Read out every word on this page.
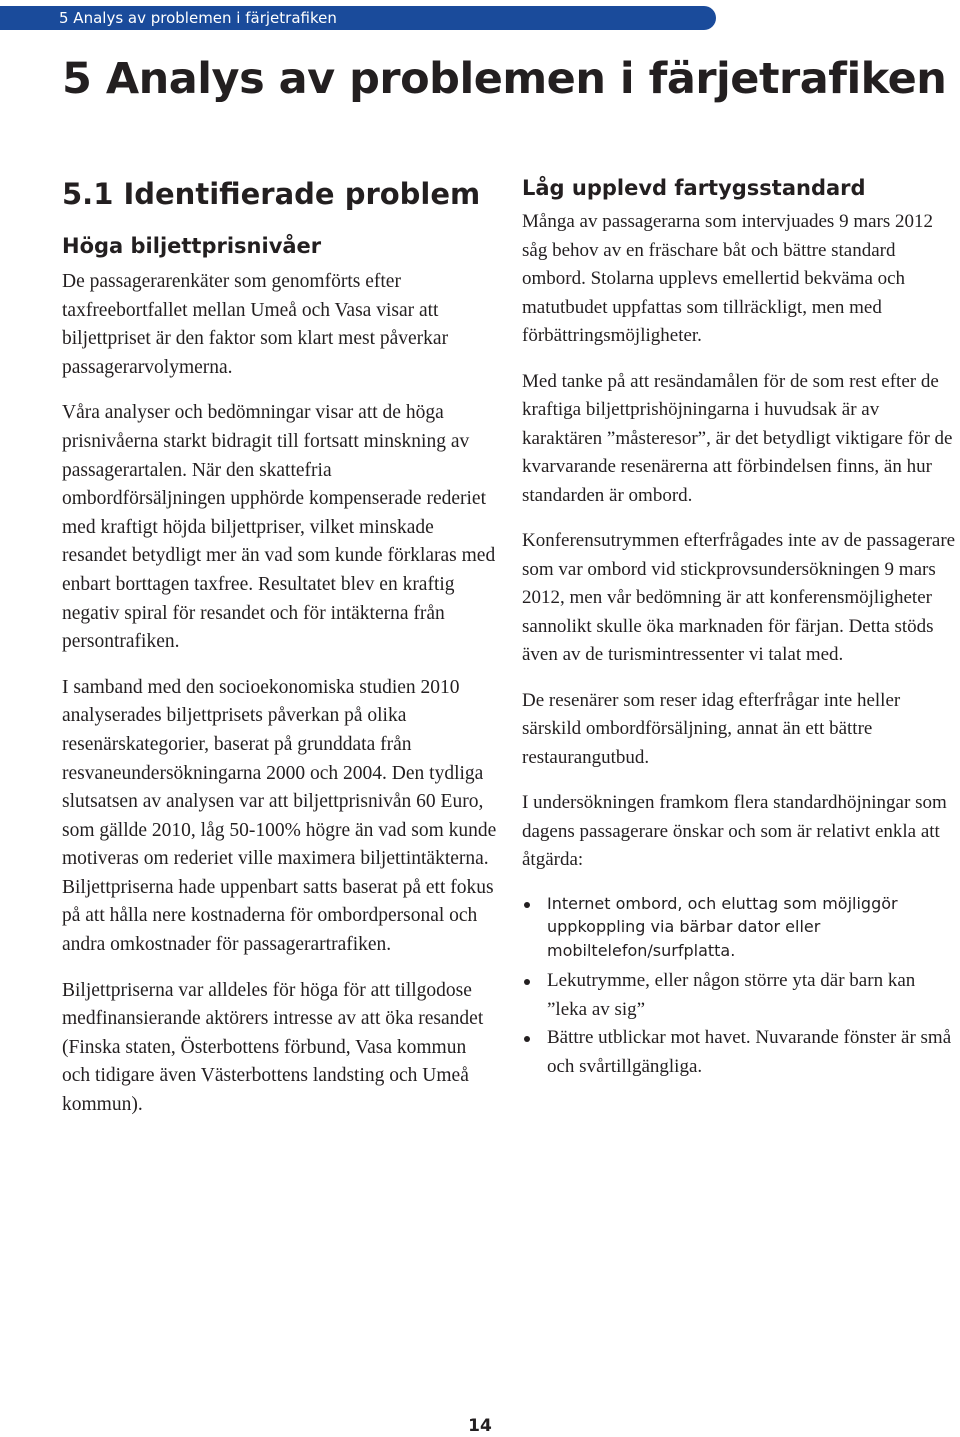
5 Analys av problemen i färjetrafiken
5 Analys av problemen i färjetrafiken
5.1 Identifierade problem
Höga biljettprisnivåer

De passagerarenkäter som genomförts efter taxfreebortfallet mellan Umeå och Vasa visar att biljettpriset är den faktor som klart mest påverkar passagerarvolymerna.

Våra analyser och bedömningar visar att de höga prisnivåerna starkt bidragit till fortsatt minskning av passagerartalen. När den skattefria ombordförsäljningen upphörde kompenserade rederiet med kraftigt höjda biljettpriser, vilket minskade resandet betydligt mer än vad som kunde förklaras med enbart borttagen taxfree. Resultatet blev en kraftig negativ spiral för resandet och för intäkterna från persontrafiken.

I samband med den socioekonomiska studien 2010 analyserades biljettprisets påverkan på olika resenärskategorier, baserat på grunddata från resvaneundersökningarna 2000 och 2004. Den tydliga slutsatsen av analysen var att biljettprisnivån 60 Euro, som gällde 2010, låg 50-100% högre än vad som kunde motiveras om rederiet ville maximera biljettintäkterna. Biljettpriserna hade uppenbart satts baserat på ett fokus på att hålla nere kostnaderna för ombordpersonal och andra omkostnader för passagerartrafiken.

Biljettpriserna var alldeles för höga för att tillgodose medfinansierande aktörers intresse av att öka resandet (Finska staten, Österbottens förbund, Vasa kommun och tidigare även Västerbottens landsting och Umeå kommun).

Låg upplevd fartygsstandard

Många av passagerarna som intervjuades 9 mars 2012 såg behov av en fräschare båt och bättre standard ombord. Stolarna upplevs emellertid bekväma och matutbudet uppfattas som tillräckligt, men med förbättringsmöjligheter.

Med tanke på att resändamålen för de som rest efter de kraftiga biljettprishöjningarna i huvudsak är av karaktären ”måsteresor”, är det betydligt viktigare för de kvarvarande resenärerna att förbindelsen finns, än hur standarden är ombord.

Konferensutrymmen efterfrågades inte av de passagerare som var ombord vid stickprovsundersökningen 9 mars 2012, men vår bedömning är att konferensmöjligheter sannolikt skulle öka marknaden för färjan. Detta stöds även av de turismintressenter vi talat med.

De resenärer som reser idag efterfrågar inte heller särskild ombordförsäljning, annat än ett bättre restaurangutbud.

I undersökningen framkom flera standardhöjningar som dagens passagerare önskar och som är relativt enkla att åtgärda:

Internet ombord, och eluttag som möjliggör uppkoppling via bärbar dator eller mobiltelefon/surfplatta.
Lekutrymme, eller någon större yta där barn kan ”leka av sig”
Bättre utblickar mot havet. Nuvarande fönster är små och svårtillgängliga.
14
